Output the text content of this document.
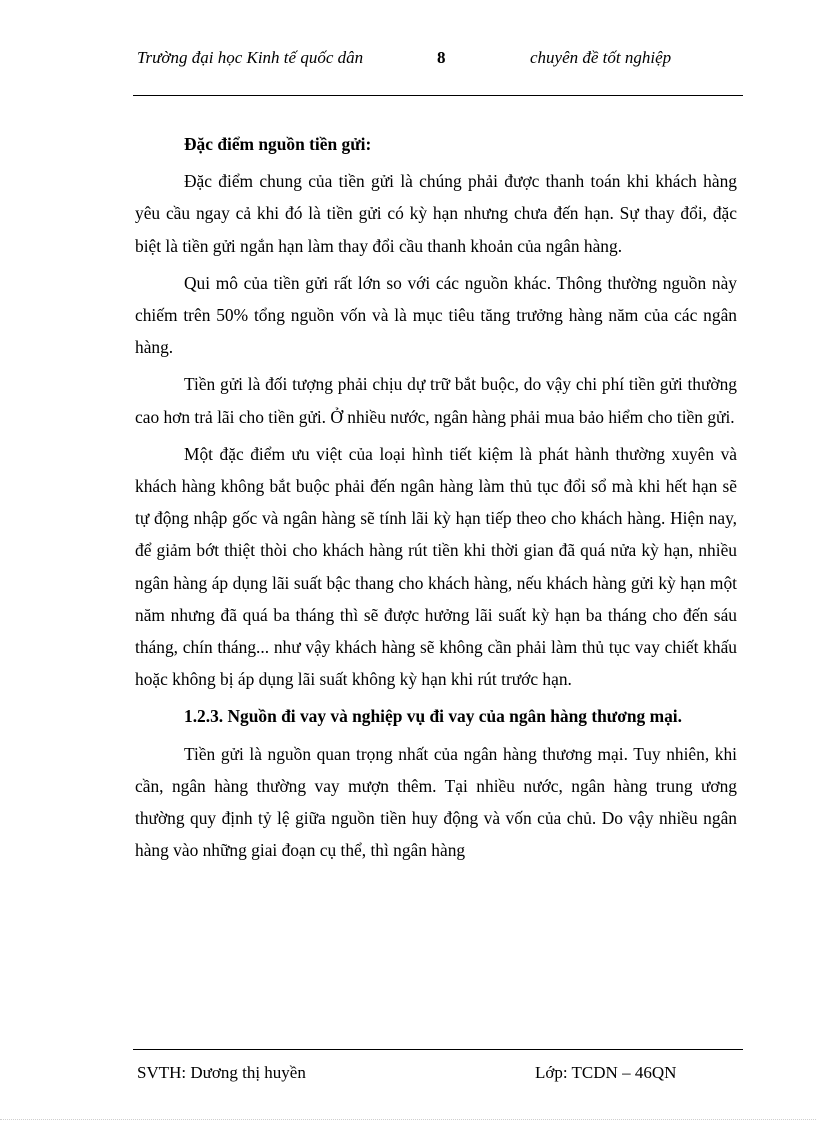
Trường đại học Kinh tế quốc dân	8	chuyên đề tốt nghiệp

Đặc điểm nguồn tiền gửi:

Đặc điểm chung của tiền gửi là chúng phải được thanh toán khi khách hàng yêu cầu ngay cả khi đó là tiền gửi có kỳ hạn nhưng chưa đến hạn. Sự thay đổi, đặc biệt là tiền gửi ngắn hạn làm thay đổi cầu thanh khoản của ngân hàng.

Qui mô của tiền gửi rất lớn so với các nguồn khác. Thông thường nguồn này chiếm trên 50% tổng nguồn vốn và là mục tiêu tăng trưởng hàng năm của các ngân hàng.

Tiền gửi là đối tượng phải chịu dự trữ bắt buộc, do vậy chi phí tiền gửi thường cao hơn trả lãi cho tiền gửi. Ở nhiều nước, ngân hàng phải mua bảo hiểm cho tiền gửi.

Một đặc điểm ưu việt của loại hình tiết kiệm là phát hành thường xuyên và khách hàng không bắt buộc phải đến ngân hàng làm thủ tục đổi sổ mà khi hết hạn sẽ tự động nhập gốc và ngân hàng sẽ tính lãi kỳ hạn tiếp theo cho khách hàng. Hiện nay, để giảm bớt thiệt thòi cho khách hàng rút tiền khi thời gian đã quá nửa kỳ hạn, nhiều ngân hàng áp dụng lãi suất bậc thang cho khách hàng, nếu khách hàng gửi kỳ hạn một năm nhưng đã quá ba tháng thì sẽ được hưởng lãi suất kỳ hạn ba tháng cho đến sáu tháng, chín tháng... như vậy khách hàng sẽ không cần phải làm thủ tục vay chiết khấu hoặc không bị áp dụng lãi suất không kỳ hạn khi rút trước hạn.

1.2.3. Nguồn đi vay và nghiệp vụ đi vay của ngân hàng thương mại.

Tiền gửi là nguồn quan trọng nhất của ngân hàng thương mại. Tuy nhiên, khi cần, ngân hàng thường vay mượn thêm. Tại nhiều nước, ngân hàng trung ương thường quy định tỷ lệ giữa nguồn tiền huy động và vốn của chủ. Do vậy nhiều ngân hàng vào những giai đoạn cụ thể, thì ngân hàng

SVTH: Dương thị huyền	Lớp: TCDN – 46QN
